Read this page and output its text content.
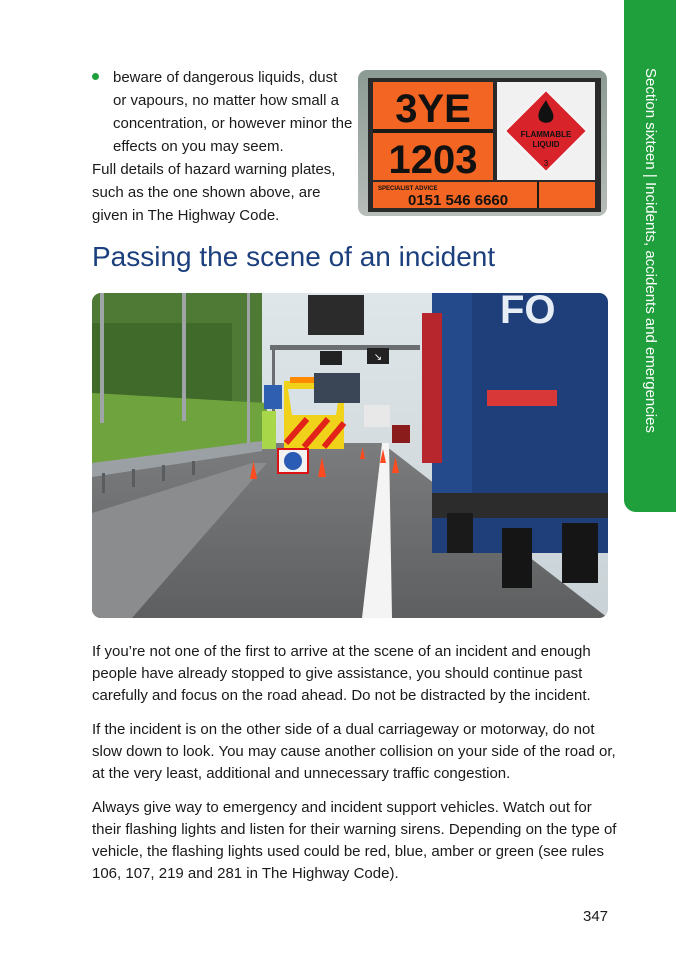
beware of dangerous liquids, dust or vapours, no matter how small a concentration, or however minor the effects on you may seem.
Full details of hazard warning plates, such as the one shown above, are given in The Highway Code.
3YE
1203
FLAMMABLE
LIQUID
3
SPECIALIST ADVICE
0151 546 6660
Passing the scene of an incident
↘
FO

If you’re not one of the first to arrive at the scene of an incident and enough people have already stopped to give assistance, you should continue past carefully and focus on the road ahead. Do not be distracted by the incident.

If the incident is on the other side of a dual carriageway or motorway, do not slow down to look. You may cause another collision on your side of the road or, at the very least, additional and unnecessary traffic congestion.

Always give way to emergency and incident support vehicles. Watch out for their flashing lights and listen for their warning sirens. Depending on the type of vehicle, the flashing lights used could be red, blue, amber or green (see rules 106, 107, 219 and 281 in The Highway Code).

Section sixteen | Incidents, accidents and emergencies
347
